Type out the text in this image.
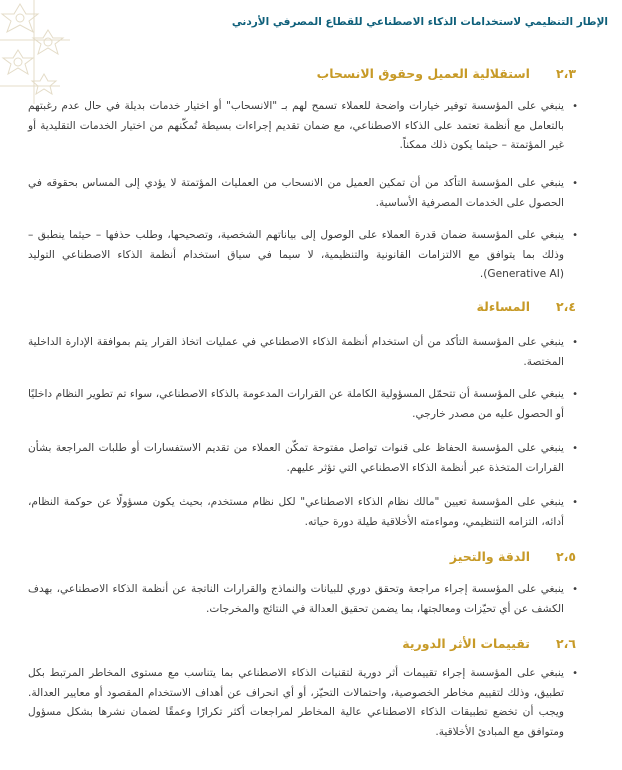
الإطار التنظيمي لاستخدامات الذكاء الاصطناعي للقطاع المصرفي الأردني
٢،٣
استقلالية العميل وحقوق الانسحاب
•
ينبغي على المؤسسة توفير خيارات واضحة للعملاء تسمح لهم بـ "الانسحاب" أو اختيار خدمات بديلة في حال عدم رغبتهم بالتعامل مع أنظمة تعتمد على الذكاء الاصطناعي، مع ضمان تقديم إجراءات بسيطة تُمكّنهم من اختيار الخدمات التقليدية أو غير المؤتمتة – حيثما يكون ذلك ممكناً.
•
ينبغي على المؤسسة التأكد من أن تمكين العميل من الانسحاب من العمليات المؤتمتة لا يؤدي إلى المساس بحقوقه في الحصول على الخدمات المصرفية الأساسية.
•
ينبغي على المؤسسة ضمان قدرة العملاء على الوصول إلى بياناتهم الشخصية، وتصحيحها، وطلب حذفها – حيثما ينطبق – وذلك بما يتوافق مع الالتزامات القانونية والتنظيمية، لا سيما في سياق استخدام أنظمة الذكاء الاصطناعي التوليد (Generative AI).
٢،٤
المساءلة
•
ينبغي على المؤسسة التأكد من أن استخدام أنظمة الذكاء الاصطناعي في عمليات اتخاذ القرار يتم بموافقة الإدارة الداخلية المختصة.
•
ينبغي على المؤسسة أن تتحمّل المسؤولية الكاملة عن القرارات المدعومة بالذكاء الاصطناعي، سواء تم تطوير النظام داخليًا أو الحصول عليه من مصدر خارجي.
•
ينبغي على المؤسسة الحفاظ على قنوات تواصل مفتوحة تمكّن العملاء من تقديم الاستفسارات أو طلبات المراجعة بشأن القرارات المتخذة عبر أنظمة الذكاء الاصطناعي التي تؤثر عليهم.
•
ينبغي على المؤسسة تعيين "مالك نظام الذكاء الاصطناعي" لكل نظام مستخدم، بحيث يكون مسؤولًا عن حوكمة النظام، أدائه، التزامه التنظيمي، ومواءمته الأخلاقية طيلة دورة حياته.
٢،٥
الدقة والتحيز
•
ينبغي على المؤسسة إجراء مراجعة وتحقق دوري للبيانات والنماذج والقرارات الناتجة عن أنظمة الذكاء الاصطناعي، بهدف الكشف عن أي تحيّزات ومعالجتها، بما يضمن تحقيق العدالة في النتائج والمخرجات.
٢،٦
تقييمات الأثر الدورية
•
ينبغي على المؤسسة إجراء تقييمات أثر دورية لتقنيات الذكاء الاصطناعي بما يتناسب مع مستوى المخاطر المرتبط بكل تطبيق، وذلك لتقييم مخاطر الخصوصية، واحتمالات التحيّز، أو أي انحراف عن أهداف الاستخدام المقصود أو معايير العدالة. ويجب أن تخضع تطبيقات الذكاء الاصطناعي عالية المخاطر لمراجعات أكثر تكرارًا وعمقًا لضمان نشرها بشكل مسؤول ومتوافق مع المبادئ الأخلاقية.
